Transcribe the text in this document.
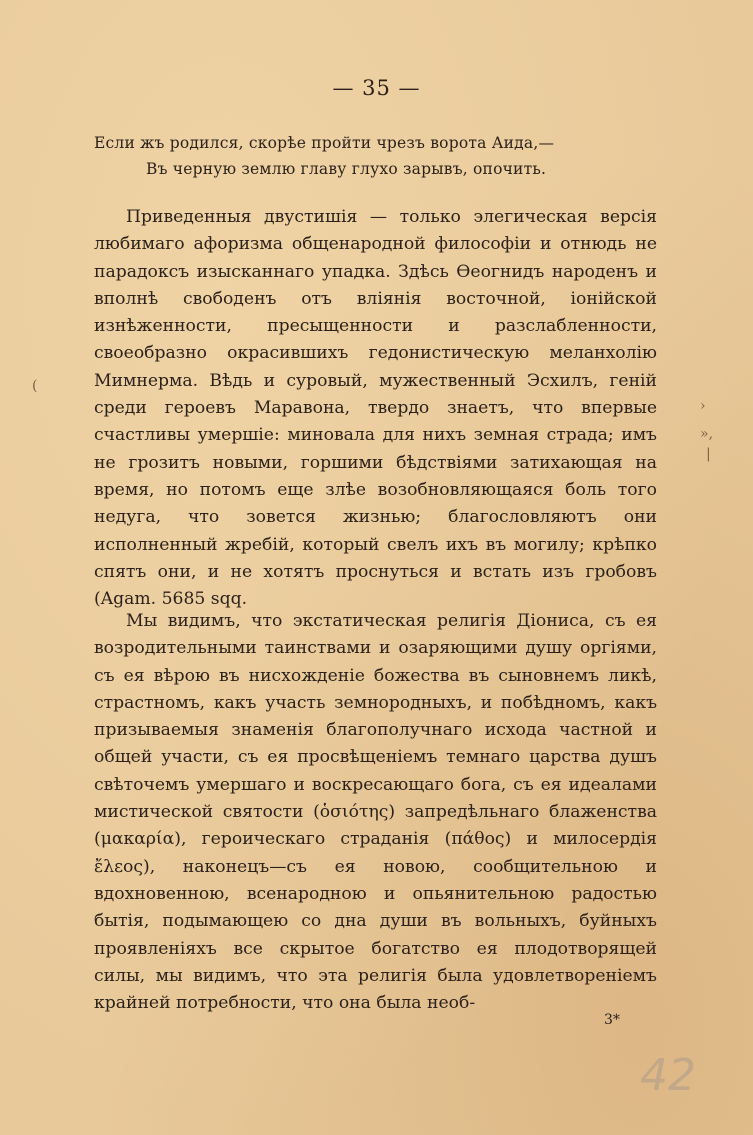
— 35 —
Если жъ родился, скорѣе пройти чрезъ ворота Аида,—
Въ черную землю главу глухо зарывъ, опочить.
Приведенныя двустишія — только элегическая версія любимаго афоризма общенародной философіи и отнюдь не парадоксъ изысканнаго упадка. Здѣсь Ѳеогнидъ народенъ и вполнѣ свободенъ отъ вліянія восточной, іонійской изнѣженности, пресыщенности и разслабленности, своеобразно окрасившихъ гедонистическую меланхолію Мимнерма. Вѣдь и суровый, мужественный Эсхилъ, геній среди героевъ Маравона, твердо знаетъ, что впервые счастливы умершіе: миновала для нихъ земная страда; имъ не грозитъ новыми, горшими бѣдствіями затихающая на время, но потомъ еще злѣе возобновляющаяся боль того недуга, что зовется жизнью; благословляютъ они исполненный жребій, который свелъ ихъ въ могилу; крѣпко спятъ они, и не хотятъ проснуться и встать изъ гробовъ (Agam. 5685 sqq.
Мы видимъ, что экстатическая религія Діониса, съ ея возродительными таинствами и озаряющими душу оргіями, съ ея вѣрою въ нисхожденіе божества въ сыновнемъ ликѣ, страстномъ, какъ участь земнородныхъ, и побѣдномъ, какъ призываемыя знаменія благополучнаго исхода частной и общей участи, съ ея просвѣщеніемъ темнаго царства душъ свѣточемъ умершаго и воскресающаго бога, съ ея идеалами мистической святости (ὁσιότης) запредѣльнаго блаженства (μακαρία), героическаго страданія (πάθος) и милосердія ἔλεος), наконецъ—съ ея новою, сообщительною и вдохновенною, всенародною и опьянительною радостью бытія, подымающею со дна души въ вольныхъ, буйныхъ проявленіяхъ все скрытое богатство ея плодотворящей силы, мы видимъ, что эта религія была удовлетвореніемъ крайней потребности, что она была необ-
3*
42
(
›
»,
|
